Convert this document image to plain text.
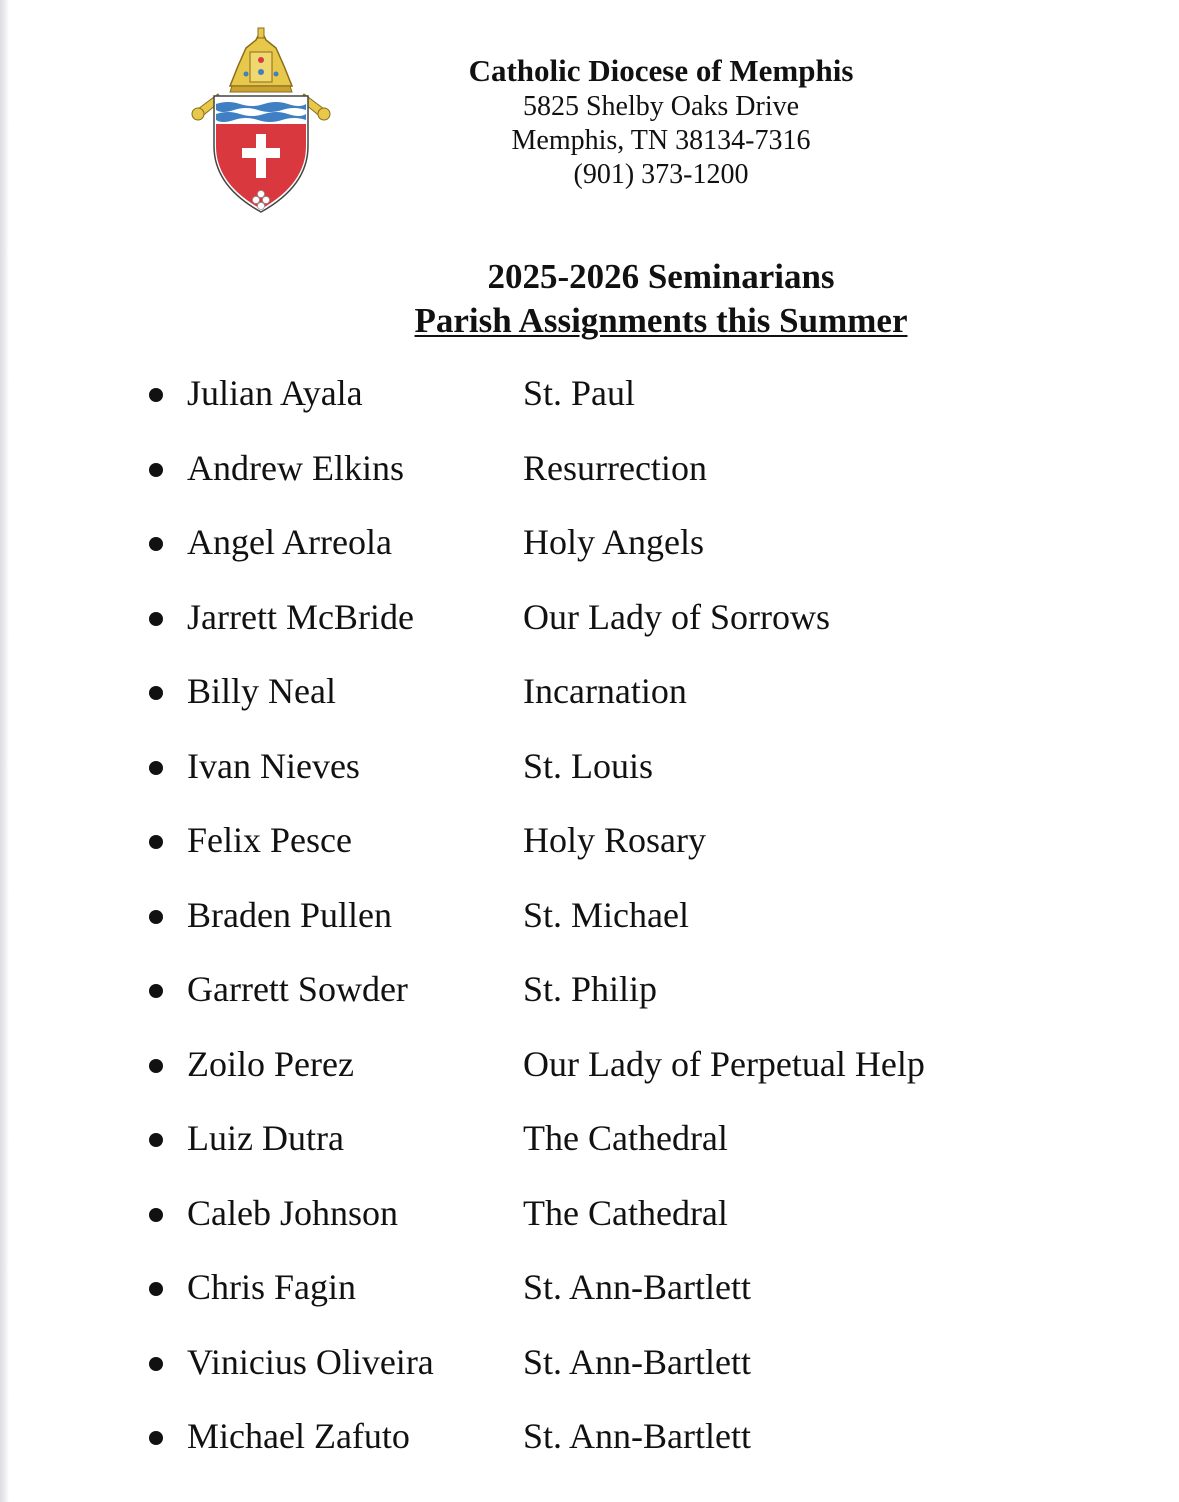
Catholic Diocese of Memphis
5825 Shelby Oaks Drive
Memphis, TN 38134-7316
(901) 373-1200
2025-2026 Seminarians
Parish Assignments this Summer
Julian Ayala	St. Paul
Andrew Elkins	Resurrection
Angel Arreola	Holy Angels
Jarrett McBride	Our Lady of Sorrows
Billy Neal	Incarnation
Ivan Nieves	St. Louis
Felix Pesce	Holy Rosary
Braden Pullen	St. Michael
Garrett Sowder	St. Philip
Zoilo Perez	Our Lady of Perpetual Help
Luiz Dutra	The Cathedral
Caleb Johnson	The Cathedral
Chris Fagin	St. Ann-Bartlett
Vinicius Oliveira St. Ann-Bartlett
Michael Zafuto	St. Ann-Bartlett
